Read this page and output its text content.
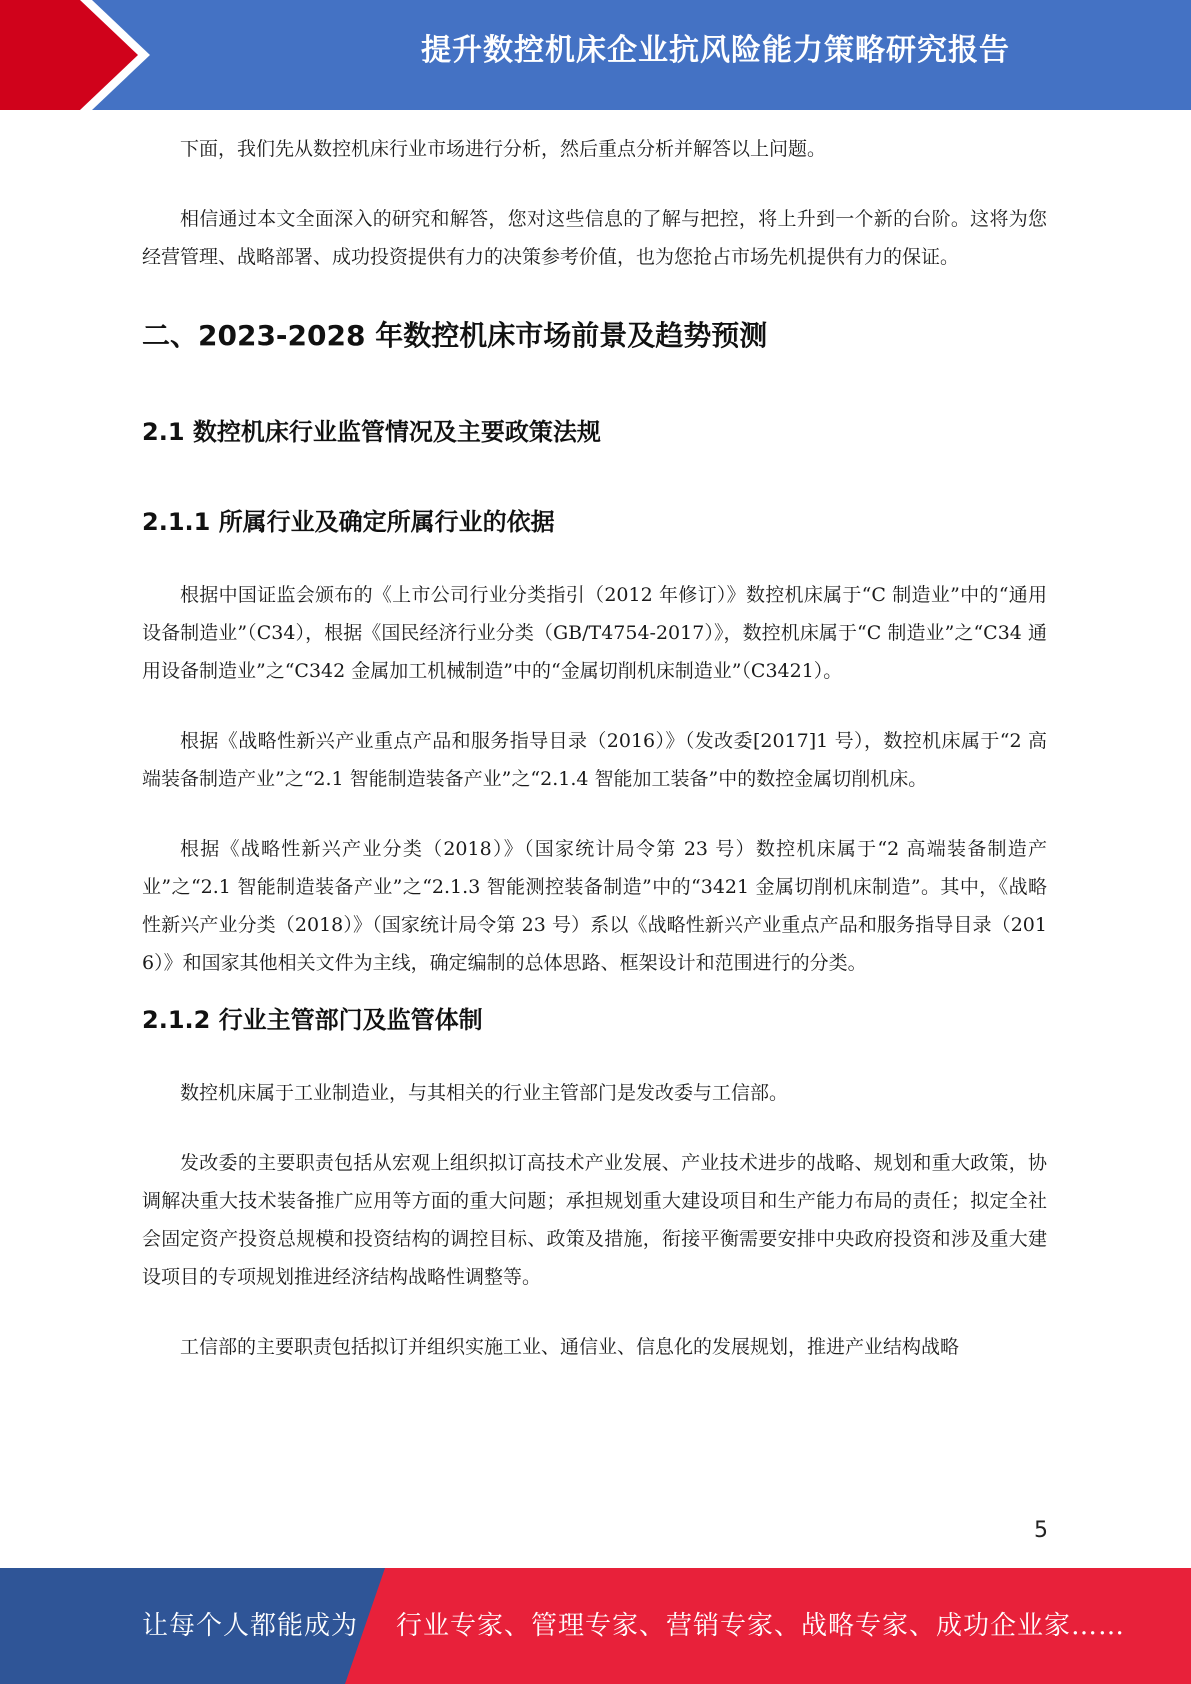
提升数控机床企业抗风险能力策略研究报告

下面，我们先从数控机床行业市场进行分析，然后重点分析并解答以上问题。

相信通过本文全面深入的研究和解答，您对这些信息的了解与把控，将上升到一个新的台阶。这将为您经营管理、战略部署、成功投资提供有力的决策参考价值，也为您抢占市场先机提供有力的保证。

二、2023-2028 年数控机床市场前景及趋势预测
2.1 数控机床行业监管情况及主要政策法规
2.1.1 所属行业及确定所属行业的依据

根据中国证监会颁布的《上市公司行业分类指引（2012 年修订）》数控机床属于“C 制造业”中的“通用设备制造业”（C34），根据《国民经济行业分类（GB/T4754-2017）》，数控机床属于“C 制造业”之“C34 通用设备制造业”之“C342 金属加工机械制造”中的“金属切削机床制造业”（C3421）。

根据《战略性新兴产业重点产品和服务指导目录（2016）》（发改委[2017]1 号），数控机床属于“2 高端装备制造产业”之“2.1 智能制造装备产业”之“2.1.4 智能加工装备”中的数控金属切削机床。

根据《战略性新兴产业分类（2018）》（国家统计局令第 23 号）数控机床属于“2 高端装备制造产业”之“2.1 智能制造装备产业”之“2.1.3 智能测控装备制造”中的“3421 金属切削机床制造”。其中，《战略性新兴产业分类（2018）》（国家统计局令第 23 号）系以《战略性新兴产业重点产品和服务指导目录（2016）》和国家其他相关文件为主线，确定编制的总体思路、框架设计和范围进行的分类。

2.1.2 行业主管部门及监管体制

数控机床属于工业制造业，与其相关的行业主管部门是发改委与工信部。

发改委的主要职责包括从宏观上组织拟订高技术产业发展、产业技术进步的战略、规划和重大政策，协调解决重大技术装备推广应用等方面的重大问题；承担规划重大建设项目和生产能力布局的责任；拟定全社会固定资产投资总规模和投资结构的调控目标、政策及措施，衔接平衡需要安排中央政府投资和涉及重大建设项目的专项规划推进经济结构战略性调整等。

工信部的主要职责包括拟订并组织实施工业、通信业、信息化的发展规划，推进产业结构战略

5
让每个人都能成为 行业专家、管理专家、营销专家、战略专家、成功企业家……
